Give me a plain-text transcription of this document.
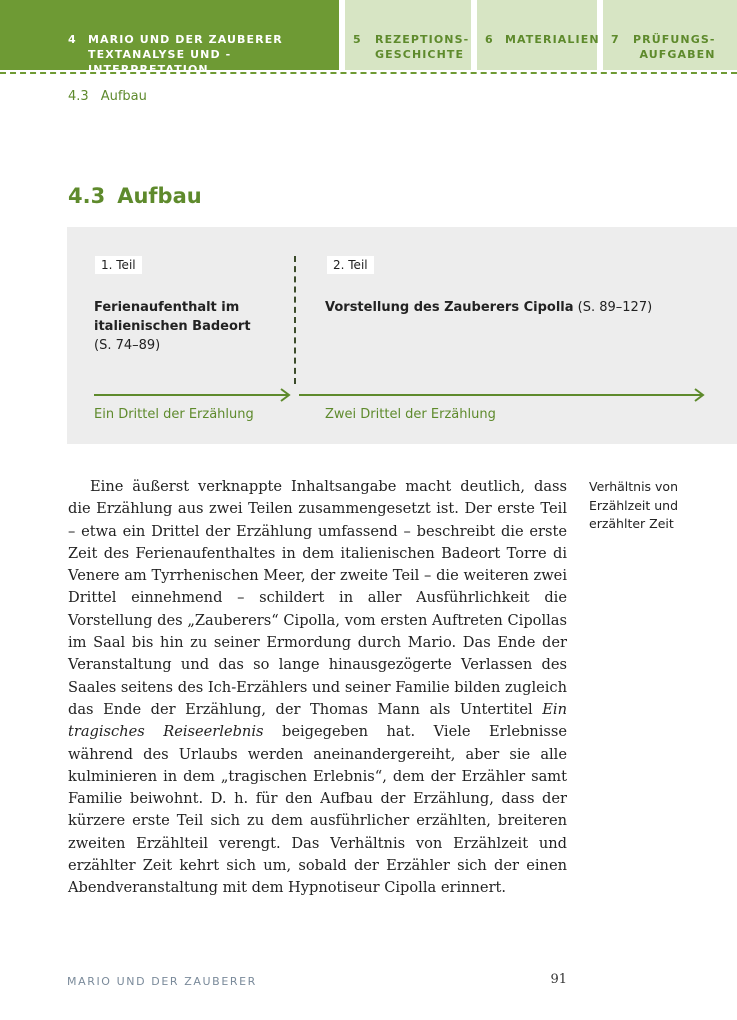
4 MARIO UND DER ZAUBERER
TEXTANALYSE UND -INTERPRETATION
5 REZEPTIONS-
GESCHICHTE
6 MATERIALIEN 7 PRÜFUNGS-
AUFGABEN
4.3 Aufbau
4.3 Aufbau
1. Teil	2. Teil
Ferienaufenthalt im
italienischen Badeort
(S. 74–89)
Vorstellung des Zauberers Cipolla (S. 89–127)
Ein Drittel der Erzählung	Zwei Drittel der Erzählung

Eine äußerst verknappte Inhaltsangabe macht deutlich, dass die Erzählung aus zwei Teilen zusammengesetzt ist. Der erste Teil – etwa ein Drittel der Erzählung umfassend – beschreibt die erste Zeit des Ferienaufenthaltes in dem italienischen Badeort Torre di Venere am Tyrrhenischen Meer, der zweite Teil – die weiteren zwei Drittel einnehmend – schildert in aller Ausführlichkeit die Vorstellung des „Zauberers“ Cipolla, vom ersten Auftreten Cipollas im Saal bis hin zu seiner Ermordung durch Mario. Das Ende der Veranstaltung und das so lange hinausgezögerte Verlassen des Saales seitens des Ich-Erzählers und seiner Familie bilden zugleich das Ende der Erzählung, der Thomas Mann als Untertitel Ein tragisches Reiseerlebnis beigegeben hat. Viele Erlebnisse während des Urlaubs werden aneinandergereiht, aber sie alle kulminieren in dem „tragischen Erlebnis“, dem der Erzähler samt Familie beiwohnt. D. h. für den Aufbau der Erzählung, dass der kürzere erste Teil sich zu dem ausführlicher erzählten, breiteren zweiten Erzählteil verengt. Das Verhältnis von Erzählzeit und erzählter Zeit kehrt sich um, sobald der Erzähler sich der einen Abendveranstaltung mit dem Hypnotiseur Cipolla erinnert.

Verhältnis von
Erzählzeit und
erzählter Zeit
MARIO UND DER ZAUBERER	91
